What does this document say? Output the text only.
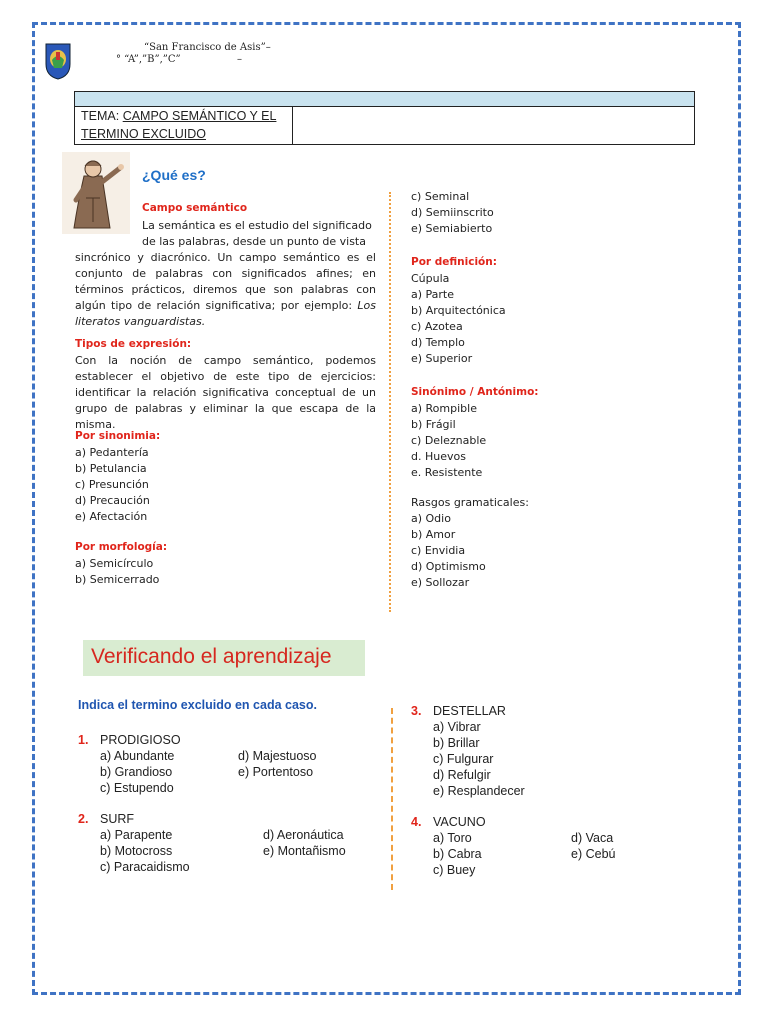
“San Francisco de Asis”–
° “A”,”B”,”C”	–
TEMA: CAMPO SEMÁNTICO Y EL
TERMINO EXCLUIDO
¿Qué es?
Campo semántico
La semántica es el estudio del significado
de las palabras, desde un punto de vista
sincrónico y diacrónico. Un campo semántico es el conjunto de palabras con significados afines; en términos prácticos, diremos que son palabras con algún tipo de relación significativa; por ejemplo: Los literatos vanguardistas.
Tipos de expresión:
Con la noción de campo semántico, podemos establecer el objetivo de este tipo de ejercicios: identificar la relación significativa conceptual de un grupo de palabras y eliminar la que escapa de la misma.
Por sinonimia:
a) Pedantería
b) Petulancia
c) Presunción
d) Precaución
e) Afectación
Por morfología:
a) Semicírculo
b) Semicerrado
c) Seminal
d) Semiinscrito
e) Semiabierto
Por definición:
Cúpula
a) Parte
b) Arquitectónica
c) Azotea
d) Templo
e) Superior
Sinónimo / Antónimo:
a) Rompible
b) Frágil
c) Deleznable
d. Huevos
e. Resistente
Rasgos gramaticales:
a) Odio
b) Amor
c) Envidia
d) Optimismo
e) Sollozar
Verificando el aprendizaje
Indica el termino excluido en cada caso.
1. PRODIGIOSO
a) Abundante
b) Grandioso
c) Estupendo
d) Majestuoso
e) Portentoso
2. SURF
a) Parapente
b) Motocross
c) Paracaidismo
d) Aeronáutica
e) Montañismo
3. DESTELLAR
a) Vibrar
b) Brillar
c) Fulgurar
d) Refulgir
e) Resplandecer
4. VACUNO
a) Toro
b) Cabra
c) Buey
d) Vaca
e) Cebú
